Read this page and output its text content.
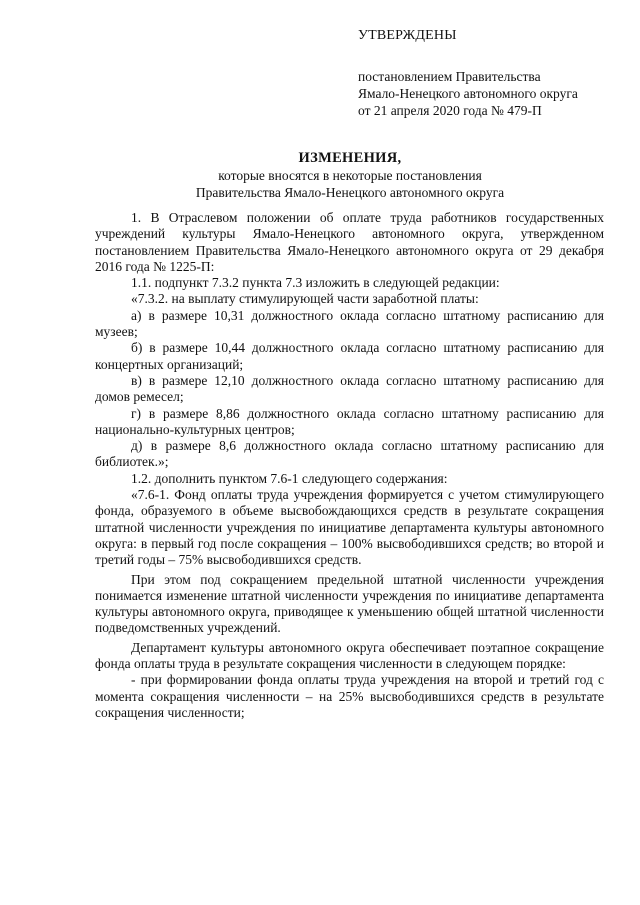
УТВЕРЖДЕНЫ
постановлением Правительства
Ямало-Ненецкого автономного округа
от 21 апреля 2020 года № 479-П
ИЗМЕНЕНИЯ,
которые вносятся в некоторые постановления
Правительства Ямало-Ненецкого автономного округа

1. В Отраслевом положении об оплате труда работников государственных учреждений культуры Ямало-Ненецкого автономного округа, утвержденном постановлением Правительства Ямало-Ненецкого автономного округа от 29 декабря 2016 года № 1225-П:

1.1. подпункт 7.3.2 пункта 7.3 изложить в следующей редакции:

«7.3.2. на выплату стимулирующей части заработной платы:

а) в размере 10,31 должностного оклада согласно штатному расписанию для музеев;

б) в размере 10,44 должностного оклада согласно штатному расписанию для концертных организаций;

в) в размере 12,10 должностного оклада согласно штатному расписанию для домов ремесел;

г) в размере 8,86 должностного оклада согласно штатному расписанию для национально-культурных центров;

д) в размере 8,6 должностного оклада согласно штатному расписанию для библиотек.»;

1.2. дополнить пунктом 7.6-1 следующего содержания:

«7.6-1. Фонд оплаты труда учреждения формируется с учетом стимулирующего фонда, образуемого в объеме высвобождающихся средств в результате сокращения штатной численности учреждения по инициативе департамента культуры автономного округа: в первый год после сокращения – 100% высвободившихся средств; во второй и третий годы – 75% высвободившихся средств.

При этом под сокращением предельной штатной численности учреждения понимается изменение штатной численности учреждения по инициативе департамента культуры автономного округа, приводящее к уменьшению общей штатной численности подведомственных учреждений.

Департамент культуры автономного округа обеспечивает поэтапное сокращение фонда оплаты труда в результате сокращения численности в следующем порядке:

- при формировании фонда оплаты труда учреждения на второй и третий год с момента сокращения численности – на 25% высвободившихся средств в результате сокращения численности;
